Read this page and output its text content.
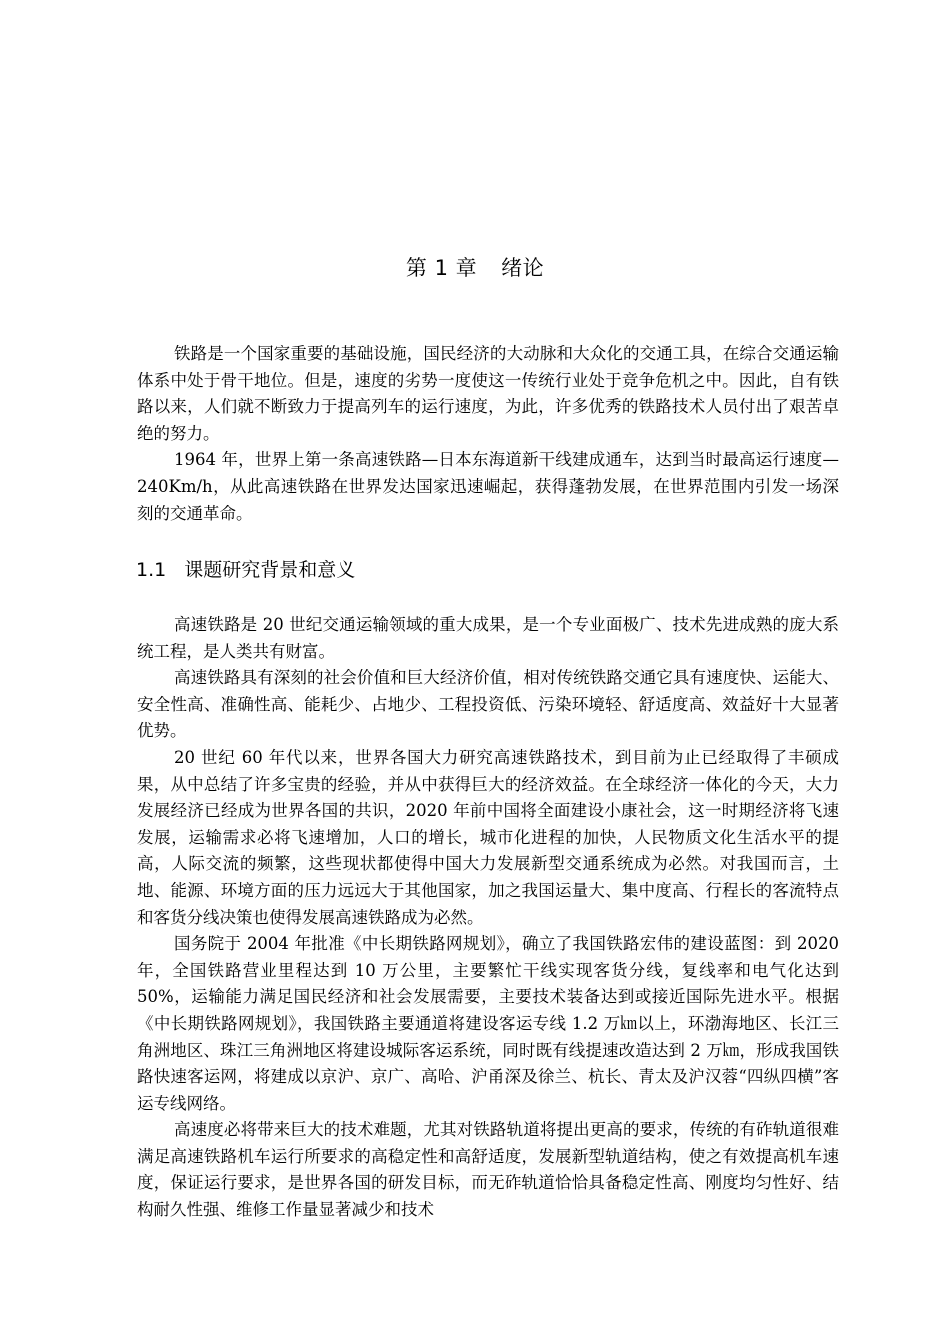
第 1 章 绪论

铁路是一个国家重要的基础设施，国民经济的大动脉和大众化的交通工具，在综合交通运输体系中处于骨干地位。但是，速度的劣势一度使这一传统行业处于竞争危机之中。因此，自有铁路以来，人们就不断致力于提高列车的运行速度，为此，许多优秀的铁路技术人员付出了艰苦卓绝的努力。

1964 年，世界上第一条高速铁路—日本东海道新干线建成通车，达到当时最高运行速度—240Km/h，从此高速铁路在世界发达国家迅速崛起，获得蓬勃发展，在世界范围内引发一场深刻的交通革命。

1.1 课题研究背景和意义

高速铁路是 20 世纪交通运输领域的重大成果，是一个专业面极广、技术先进成熟的庞大系统工程，是人类共有财富。

高速铁路具有深刻的社会价值和巨大经济价值，相对传统铁路交通它具有速度快、运能大、安全性高、准确性高、能耗少、占地少、工程投资低、污染环境轻、舒适度高、效益好十大显著优势。

20 世纪 60 年代以来，世界各国大力研究高速铁路技术，到目前为止已经取得了丰硕成果，从中总结了许多宝贵的经验，并从中获得巨大的经济效益。在全球经济一体化的今天，大力发展经济已经成为世界各国的共识，2020 年前中国将全面建设小康社会，这一时期经济将飞速发展，运输需求必将飞速增加，人口的增长，城市化进程的加快，人民物质文化生活水平的提高，人际交流的频繁，这些现状都使得中国大力发展新型交通系统成为必然。对我国而言，土地、能源、环境方面的压力远远大于其他国家，加之我国运量大、集中度高、行程长的客流特点和客货分线决策也使得发展高速铁路成为必然。

国务院于 2004 年批准《中长期铁路网规划》，确立了我国铁路宏伟的建设蓝图：到 2020 年，全国铁路营业里程达到 10 万公里，主要繁忙干线实现客货分线，复线率和电气化达到 50%，运输能力满足国民经济和社会发展需要，主要技术装备达到或接近国际先进水平。根据《中长期铁路网规划》，我国铁路主要通道将建设客运专线 1.2 万㎞以上，环渤海地区、长江三角洲地区、珠江三角洲地区将建设城际客运系统，同时既有线提速改造达到 2 万㎞，形成我国铁路快速客运网，将建成以京沪、京广、高哈、沪甬深及徐兰、杭长、青太及沪汉蓉“四纵四横”客运专线网络。

高速度必将带来巨大的技术难题，尤其对铁路轨道将提出更高的要求，传统的有砟轨道很难满足高速铁路机车运行所要求的高稳定性和高舒适度，发展新型轨道结构，使之有效提高机车速度，保证运行要求，是世界各国的研发目标，而无砟轨道恰恰具备稳定性高、刚度均匀性好、结构耐久性强、维修工作量显著减少和技术
